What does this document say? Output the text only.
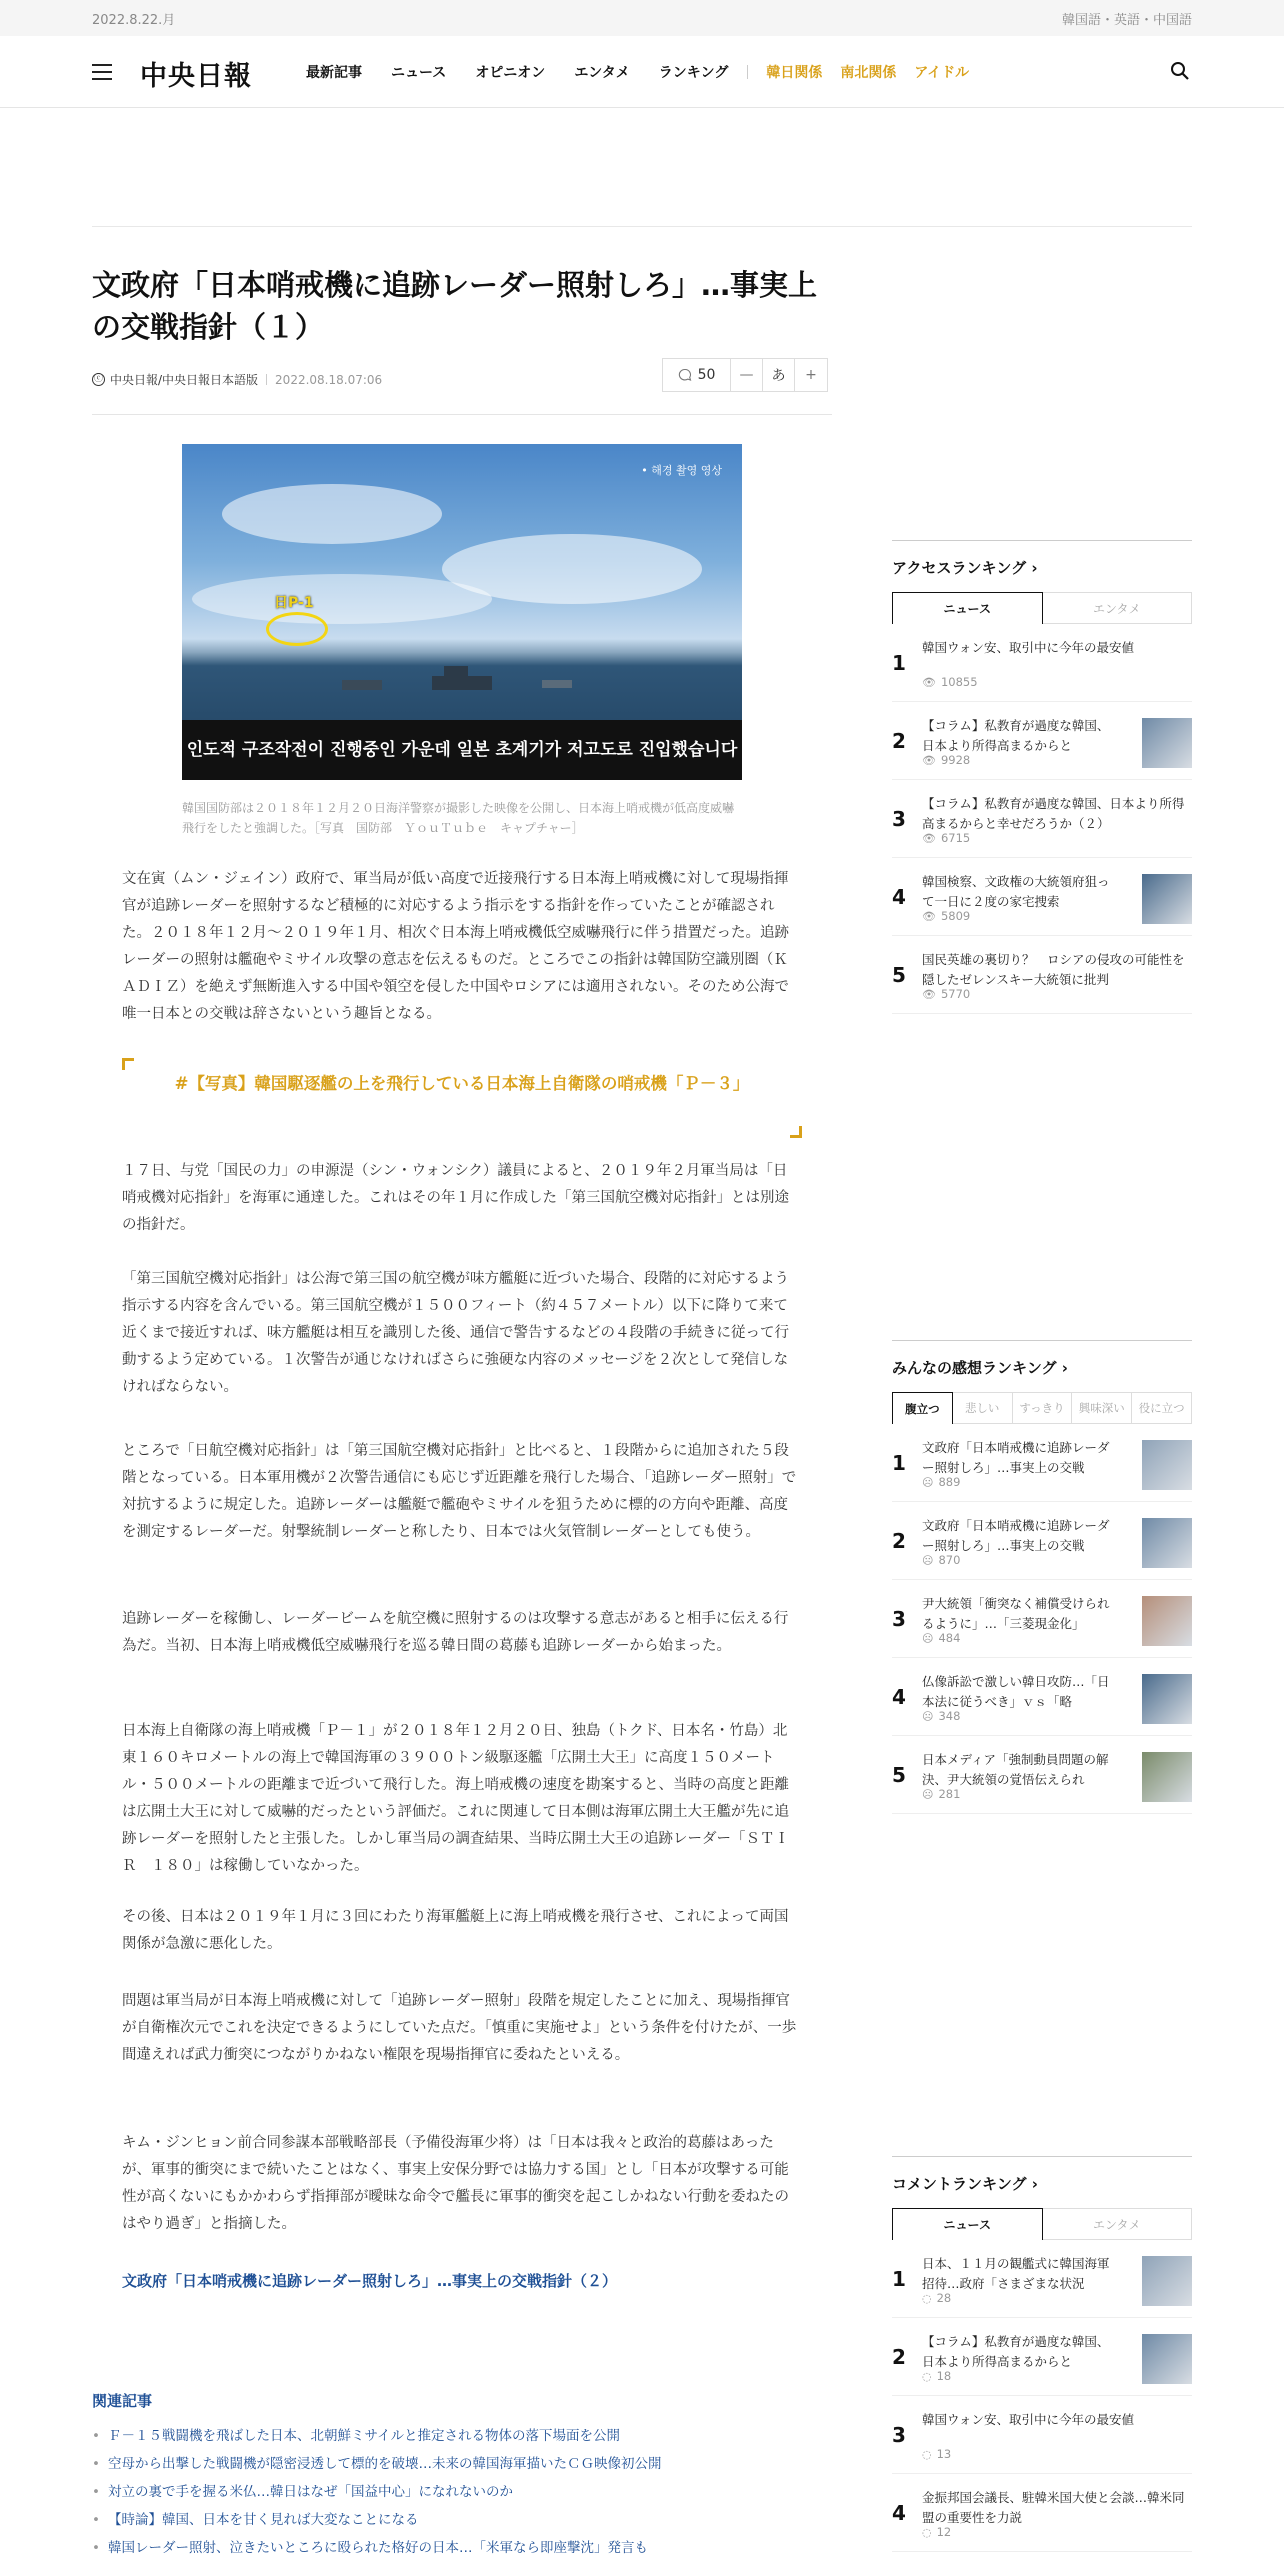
2022.8.22.月	韓国語・英語・中国語
中央日報	最新記事 ニュース オピニオン エンタメ ランキング	韓日関係 南北関係 アイドル
文政府「日本哨戒機に追跡レーダー照射しろ」…事実上の交戦指針（１）
ⓒ 中央日報/中央日報日本語版 2022.08.18.07:06	50	—	あ	+
• 해경 촬영 영상
日P-1
인도적 구조작전이 진행중인 가운데 일본 초계기가 저고도로 진입했습니다
韓国国防部は２０１８年１２月２０日海洋警察が撮影した映像を公開し、日本海上哨戒機が低高度威嚇飛行をしたと強調した。［写真　国防部　ＹｏｕＴｕｂｅ　キャプチャー］

文在寅（ムン・ジェイン）政府で、軍当局が低い高度で近接飛行する日本海上哨戒機に対して現場指揮官が追跡レーダーを照射するなど積極的に対応するよう指示をする指針を作っていたことが確認された。２０１８年１２月～２０１９年１月、相次ぐ日本海上哨戒機低空威嚇飛行に伴う措置だった。追跡レーダーの照射は艦砲やミサイル攻撃の意志を伝えるものだ。ところでこの指針は韓国防空識別圏（ＫＡＤＩＺ）を絶えず無断進入する中国や領空を侵した中国やロシアには適用されない。そのため公海で唯一日本との交戦は辞さないという趣旨となる。

#【写真】韓国駆逐艦の上を飛行している日本海上自衛隊の哨戒機「Ｐ－３」

１７日、与党「国民の力」の申源湜（シン・ウォンシク）議員によると、２０１９年２月軍当局は「日哨戒機対応指針」を海軍に通達した。これはその年１月に作成した「第三国航空機対応指針」とは別途の指針だ。

「第三国航空機対応指針」は公海で第三国の航空機が味方艦艇に近づいた場合、段階的に対応するよう指示する内容を含んでいる。第三国航空機が１５００フィート（約４５７メートル）以下に降りて来て近くまで接近すれば、味方艦艇は相互を識別した後、通信で警告するなどの４段階の手続きに従って行動するよう定めている。１次警告が通じなければさらに強硬な内容のメッセージを２次として発信しなければならない。

ところで「日航空機対応指針」は「第三国航空機対応指針」と比べると、１段階からに追加された５段階となっている。日本軍用機が２次警告通信にも応じず近距離を飛行した場合、「追跡レーダー照射」で対抗するように規定した。追跡レーダーは艦艇で艦砲やミサイルを狙うために標的の方向や距離、高度を測定するレーダーだ。射撃統制レーダーと称したり、日本では火気管制レーダーとしても使う。

追跡レーダーを稼働し、レーダービームを航空機に照射するのは攻撃する意志があると相手に伝える行為だ。当初、日本海上哨戒機低空威嚇飛行を巡る韓日間の葛藤も追跡レーダーから始まった。

日本海上自衛隊の海上哨戒機「Ｐ－１」が２０１８年１２月２０日、独島（トクド、日本名・竹島）北東１６０キロメートルの海上で韓国海軍の３９００トン級駆逐艦「広開土大王」に高度１５０メートル・５００メートルの距離まで近づいて飛行した。海上哨戒機の速度を勘案すると、当時の高度と距離は広開土大王に対して威嚇的だったという評価だ。これに関連して日本側は海軍広開土大王艦が先に追跡レーダーを照射したと主張した。しかし軍当局の調査結果、当時広開土大王の追跡レーダー「ＳＴＩＲ　１８０」は稼働していなかった。

その後、日本は２０１９年１月に３回にわたり海軍艦艇上に海上哨戒機を飛行させ、これによって両国関係が急激に悪化した。

問題は軍当局が日本海上哨戒機に対して「追跡レーダー照射」段階を規定したことに加え、現場指揮官が自衛権次元でこれを決定できるようにしていた点だ。「慎重に実施せよ」という条件を付けたが、一歩間違えれば武力衝突につながりかねない権限を現場指揮官に委ねたといえる。

キム・ジンヒョン前合同参謀本部戦略部長（予備役海軍少将）は「日本は我々と政治的葛藤はあったが、軍事的衝突にまで続いたことはなく、事実上安保分野では協力する国」とし「日本が攻撃する可能性が高くないにもかかわらず指揮部が曖昧な命令で艦長に軍事的衝突を起こしかねない行動を委ねたのはやり過ぎ」と指摘した。

文政府「日本哨戒機に追跡レーダー照射しろ」…事実上の交戦指針（２）
関連記事
• Ｆ－１５戦闘機を飛ばした日本、北朝鮮ミサイルと推定される物体の落下場面を公開
• 空母から出撃した戦闘機が隠密浸透して標的を破壊…未来の韓国海軍描いたＣＧ映像初公開
• 対立の裏で手を握る米仏…韓日はなぜ「国益中心」になれないのか
• 【時論】韓国、日本を甘く見れば大変なことになる
• 韓国レーダー照射、泣きたいところに殴られた格好の日本…「米軍なら即座撃沈」発言も
アクセスランキング ›
ニュース	エンタメ
1
韓国ウォン安、取引中に今年の最安値
👁 10855
2
【コラム】私教育が過度な韓国、日本より所得高まるからと
👁 9928
3
【コラム】私教育が過度な韓国、日本より所得高まるからと幸せだろうか（２）
👁 6715
4
韓国検察、文政権の大統領府狙って一日に２度の家宅捜索
👁 5809
5
国民英雄の裏切り？　ロシアの侵攻の可能性を隠したゼレンスキー大統領に批判
👁 5770
みんなの感想ランキング ›
腹立つ	悲しい	すっきり	興味深い	役に立つ
1
文政府「日本哨戒機に追跡レーダー照射しろ」…事実上の交戦
☹ 889
2
文政府「日本哨戒機に追跡レーダー照射しろ」…事実上の交戦
☹ 870
3
尹大統領「衝突なく補償受けられるように」…「三菱現金化」
☹ 484
4
仏像訴訟で激しい韓日攻防…「日本法に従うべき」ｖｓ「略
☹ 348
5
日本メディア「強制動員問題の解決、尹大統領の覚悟伝えられ
☹ 281
コメントランキング ›
ニュース	エンタメ
1
日本、１１月の観艦式に韓国海軍招待…政府「さまざまな状況
◌ 28
2
【コラム】私教育が過度な韓国、日本より所得高まるからと
◌ 18
3
韓国ウォン安、取引中に今年の最安値
◌ 13
4
金振邦国会議長、駐韓米国大使と会談…韓米同盟の重要性を力説
◌ 12
